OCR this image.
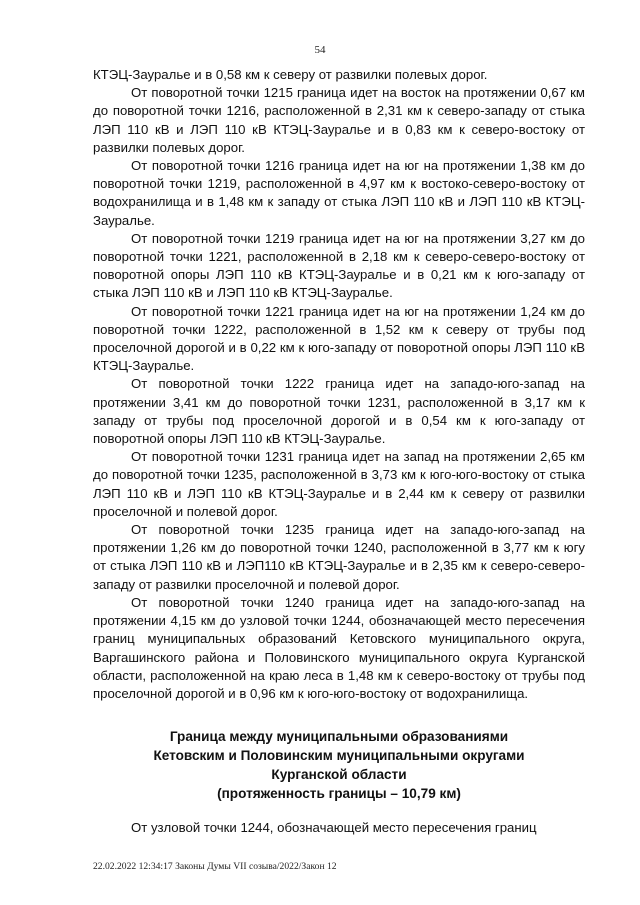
54

КТЭЦ-Зауралье и в 0,58 км к северу от развилки полевых дорог.

От поворотной точки 1215 граница идет на восток на протяжении 0,67 км до поворотной точки 1216, расположенной в 2,31 км к северо-западу от стыка ЛЭП 110 кВ и ЛЭП 110 кВ КТЭЦ-Зауралье и в 0,83 км к северо-востоку от развилки полевых дорог.

От поворотной точки 1216 граница идет на юг на протяжении 1,38 км до поворотной точки 1219, расположенной в 4,97 км к востоко-северо-востоку от водохранилища и в 1,48 км к западу от стыка ЛЭП 110 кВ и ЛЭП 110 кВ КТЭЦ-Зауралье.

От поворотной точки 1219 граница идет на юг на протяжении 3,27 км до поворотной точки 1221, расположенной в 2,18 км к северо-северо-востоку от поворотной опоры ЛЭП 110 кВ КТЭЦ-Зауралье и в 0,21 км к юго-западу от стыка ЛЭП 110 кВ и ЛЭП 110 кВ КТЭЦ-Зауралье.

От поворотной точки 1221 граница идет на юг на протяжении 1,24 км до поворотной точки 1222, расположенной в 1,52 км к северу от трубы под проселочной дорогой и в 0,22 км к юго-западу от поворотной опоры ЛЭП 110 кВ КТЭЦ-Зауралье.

От поворотной точки 1222 граница идет на западо-юго-запад на протяжении 3,41 км до поворотной точки 1231, расположенной в 3,17 км к западу от трубы под проселочной дорогой и в 0,54 км к юго-западу от поворотной опоры ЛЭП 110 кВ КТЭЦ-Зауралье.

От поворотной точки 1231 граница идет на запад на протяжении 2,65 км до поворотной точки 1235, расположенной в 3,73 км к юго-юго-востоку от стыка ЛЭП 110 кВ и ЛЭП 110 кВ КТЭЦ-Зауралье и в 2,44 км к северу от развилки проселочной и полевой дорог.

От поворотной точки 1235 граница идет на западо-юго-запад на протяжении 1,26 км до поворотной точки 1240, расположенной в 3,77 км к югу от стыка ЛЭП 110 кВ и ЛЭП110 кВ КТЭЦ-Зауралье и в 2,35 км к северо-северо-западу от развилки проселочной и полевой дорог.

От поворотной точки 1240 граница идет на западо-юго-запад на протяжении 4,15 км до узловой точки 1244, обозначающей место пересечения границ муниципальных образований Кетовского муниципального округа, Варгашинского района и Половинского муниципального округа Курганской области, расположенной на краю леса в 1,48 км к северо-востоку от трубы под проселочной дорогой и в 0,96 км к юго-юго-востоку от водохранилища.

Граница между муниципальными образованиями
Кетовским и Половинским муниципальными округами
Курганской области
(протяженность границы – 10,79 км)

От узловой точки 1244, обозначающей место пересечения границ

22.02.2022 12:34:17 Законы Думы VII созыва/2022/Закон 12
